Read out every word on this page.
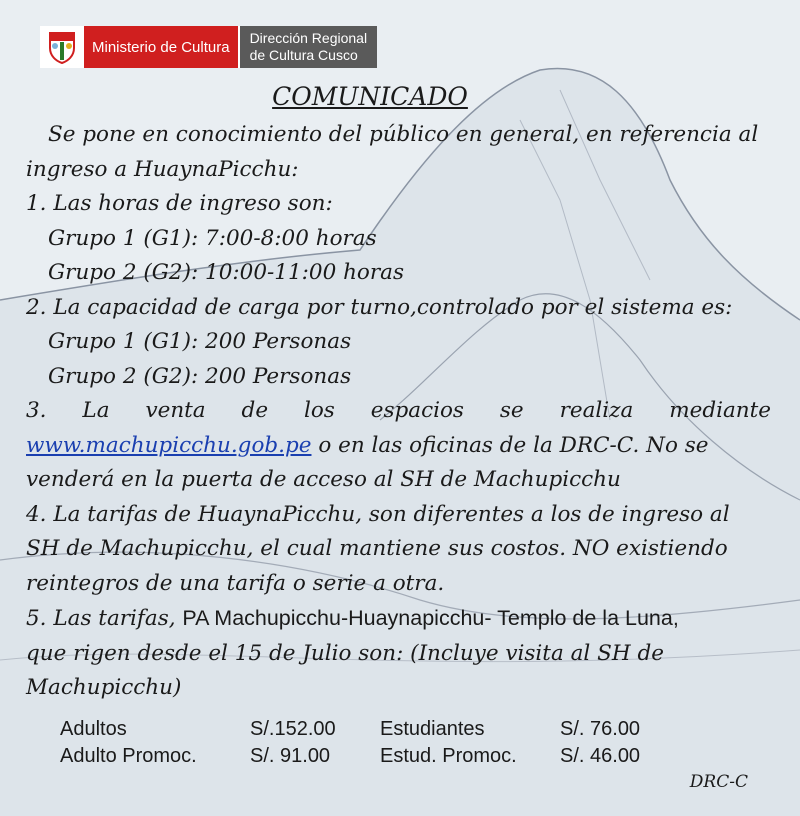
Ministerio de Cultura
Dirección Regional
de Cultura Cusco
COMUNICADO
Se pone en conocimiento del público en general, en referencia al
ingreso a HuaynaPicchu:
1. Las horas de ingreso son:
Grupo 1 (G1): 7:00-8:00 horas
Grupo 2 (G2): 10:00-11:00 horas
2. La capacidad de carga por turno,controlado por el sistema es:
Grupo 1 (G1): 200 Personas
Grupo 2 (G2): 200 Personas
3. La venta de los espacios se realiza mediante
www.machupicchu.gob.pe o en las oficinas de la DRC-C. No se
venderá en la puerta de acceso al SH de Machupicchu
4. La tarifas de HuaynaPicchu, son diferentes a los de ingreso al
SH de Machupicchu, el cual mantiene sus costos. NO existiendo
reintegros de una tarifa o serie a otra.
5. Las tarifas, PA Machupicchu-Huaynapicchu- Templo de la Luna,
que rigen desde el 15 de Julio son: (Incluye visita al SH de
Machupicchu)
Adultos	S/.152.00	Estudiantes	S/. 76.00
Adulto Promoc.	S/. 91.00	Estud. Promoc.	S/. 46.00
DRC-C
